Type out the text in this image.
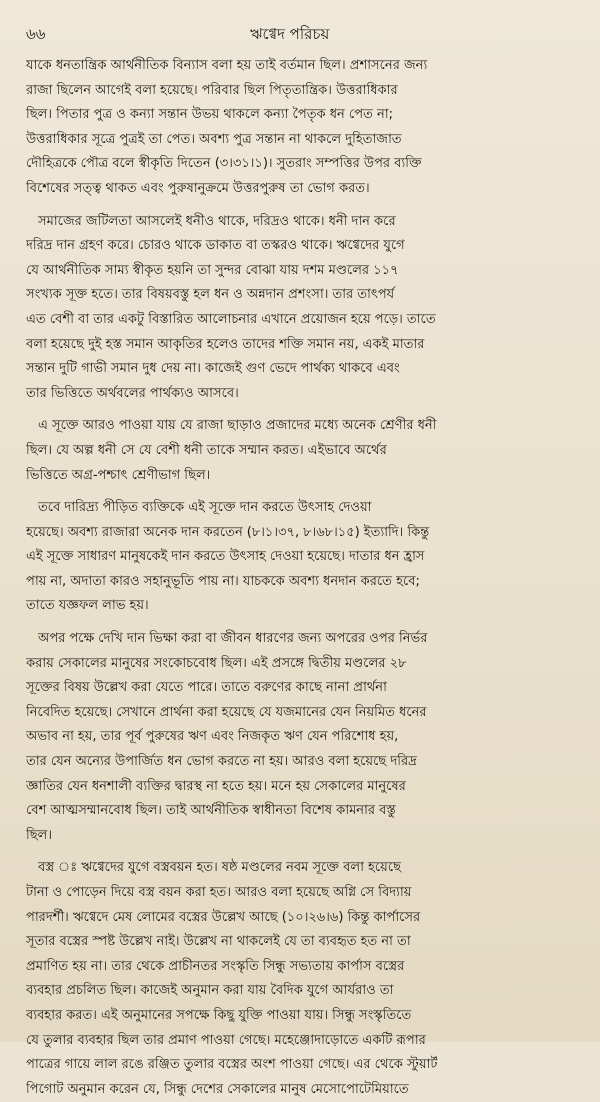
৬৬	ঋগ্বেদ পরিচয়
যাকে ধনতান্ত্রিক আর্থনীতিক বিন্যাস বলা হয় তাই বর্তমান ছিল। প্রশাসনের জন্য
রাজা ছিলেন আগেই বলা হয়েছে। পরিবার ছিল পিতৃতান্ত্রিক। উত্তরাধিকার
ছিল। পিতার পুত্র ও কন্যা সন্তান উভয় থাকলে কন্যা পৈতৃক ধন পেত না;
উত্তরাধিকার সূত্রে পুত্রই তা পেত। অবশ্য পুত্র সন্তান না থাকলে দুহিতাজাত
দৌহিত্রকে পৌত্র বলে স্বীকৃতি দিতেন (৩।৩১।১)। সুতরাং সম্পত্তির উপর ব্যক্তি
বিশেষের সত্ত্ব থাকত এবং পুরুষানুক্রমে উত্তরপুরুষ তা ভোগ করত।
সমাজের জটিলতা আসলেই ধনীও থাকে, দরিদ্রও থাকে। ধনী দান করে
দরিদ্র দান গ্রহণ করে। চোরও থাকে ডাকাত বা তস্করও থাকে। ঋগ্বেদের যুগে
যে আর্থনীতিক সাম্য স্বীকৃত হয়নি তা সুন্দর বোঝা যায় দশম মণ্ডলের ১১৭
সংখ্যক সূক্ত হতে। তার বিষয়বস্তু হল ধন ও অন্নদান প্রশংসা। তার তাৎপর্য
এত বেশী বা তার একটু বিস্তারিত আলোচনার এখানে প্রয়োজন হয়ে পড়ে। তাতে
বলা হয়েছে দুই হস্ত সমান আকৃতির হলেও তাদের শক্তি সমান নয়, একই মাতার
সন্তান দুটি গাভী সমান দুধ দেয় না। কাজেই গুণ ভেদে পার্থক্য থাকবে এবং
তার ভিত্তিতে অর্থবলের পার্থক্যও আসবে।
এ সূক্তে আরও পাওয়া যায় যে রাজা ছাড়াও প্রজাদের মধ্যে অনেক শ্রেণীর ধনী
ছিল। যে অল্প ধনী সে যে বেশী ধনী তাকে সম্মান করত। এইভাবে অর্থের
ভিত্তিতে অগ্র-পশ্চাৎ শ্রেণীভাগ ছিল।
তবে দারিদ্র্য পীড়িত ব্যক্তিকে এই সূক্তে দান করতে উৎসাহ দেওয়া
হয়েছে। অবশ্য রাজারা অনেক দান করতেন (৮।১।৩৭, ৮।৬৮।১৫) ইত্যাদি। কিন্তু
এই সূক্তে সাধারণ মানুষকেই দান করতে উৎসাহ দেওয়া হয়েছে। দাতার ধন হ্রাস
পায় না, অদাতা কারও সহানুভূতি পায় না। যাচককে অবশ্য ধনদান করতে হবে;
তাতে যজ্ঞফল লাভ হয়।
অপর পক্ষে দেখি দান ভিক্ষা করা বা জীবন ধারণের জন্য অপরের ওপর নির্ভর
করায় সেকালের মানুষের সংকোচবোধ ছিল। এই প্রসঙ্গে দ্বিতীয় মণ্ডলের ২৮
সূক্তের বিষয় উল্লেখ করা যেতে পারে। তাতে বরুণের কাছে নানা প্রার্থনা
নিবেদিত হয়েছে। সেখানে প্রার্থনা করা হয়েছে যে যজমানের যেন নিয়মিত ধনের
অভাব না হয়, তার পূর্ব পুরুষের ঋণ এবং নিজকৃত ঋণ যেন পরিশোধ হয়,
তার যেন অন্যের উপার্জিত ধন ভোগ করতে না হয়। আরও বলা হয়েছে দরিদ্র
জ্ঞাতির যেন ধনশালী ব্যক্তির দ্বারস্থ না হতে হয়। মনে হয় সেকালের মানুষের
বেশ আত্মসম্মানবোধ ছিল। তাই আর্থনীতিক স্বাধীনতা বিশেষ কামনার বস্তু
ছিল।
বস্ত্র ঃ ঋগ্বেদের যুগে বস্ত্রবয়ন হত। ষষ্ঠ মণ্ডলের নবম সূক্তে বলা হয়েছে
টানা ও পোড়েন দিয়ে বস্ত্র বয়ন করা হত। আরও বলা হয়েছে অগ্নি সে বিদ্যায়
পারদর্শী। ঋগ্বেদে মেষ লোমের বস্ত্রের উল্লেখ আছে (১০।২৬।৬) কিন্তু কার্পাসের
সূতার বস্ত্রের স্পষ্ট উল্লেখ নাই। উল্লেখ না থাকলেই যে তা ব্যবহৃত হত না তা
প্রমাণিত হয় না। তার থেকে প্রাচীনতর সংস্কৃতি সিন্ধু সভ্যতায় কার্পাস বস্ত্রের
ব্যবহার প্রচলিত ছিল। কাজেই অনুমান করা যায় বৈদিক যুগে আর্যরাও তা
ব্যবহার করত। এই অনুমানের সপক্ষে কিছু যুক্তি পাওয়া যায়। সিন্ধু সংস্কৃতিতে
যে তুলার ব্যবহার ছিল তার প্রমাণ পাওয়া গেছে। মহেঞ্জোদাড়োতে একটি রূপার
পাত্রের গায়ে লাল রঙে রঞ্জিত তুলার বস্ত্রের অংশ পাওয়া গেছে। এর থেকে স্টুয়ার্ট
পিগোট অনুমান করেন যে, সিন্ধু দেশের সেকালের মানুষ মেসোপোটেমিয়াতে
